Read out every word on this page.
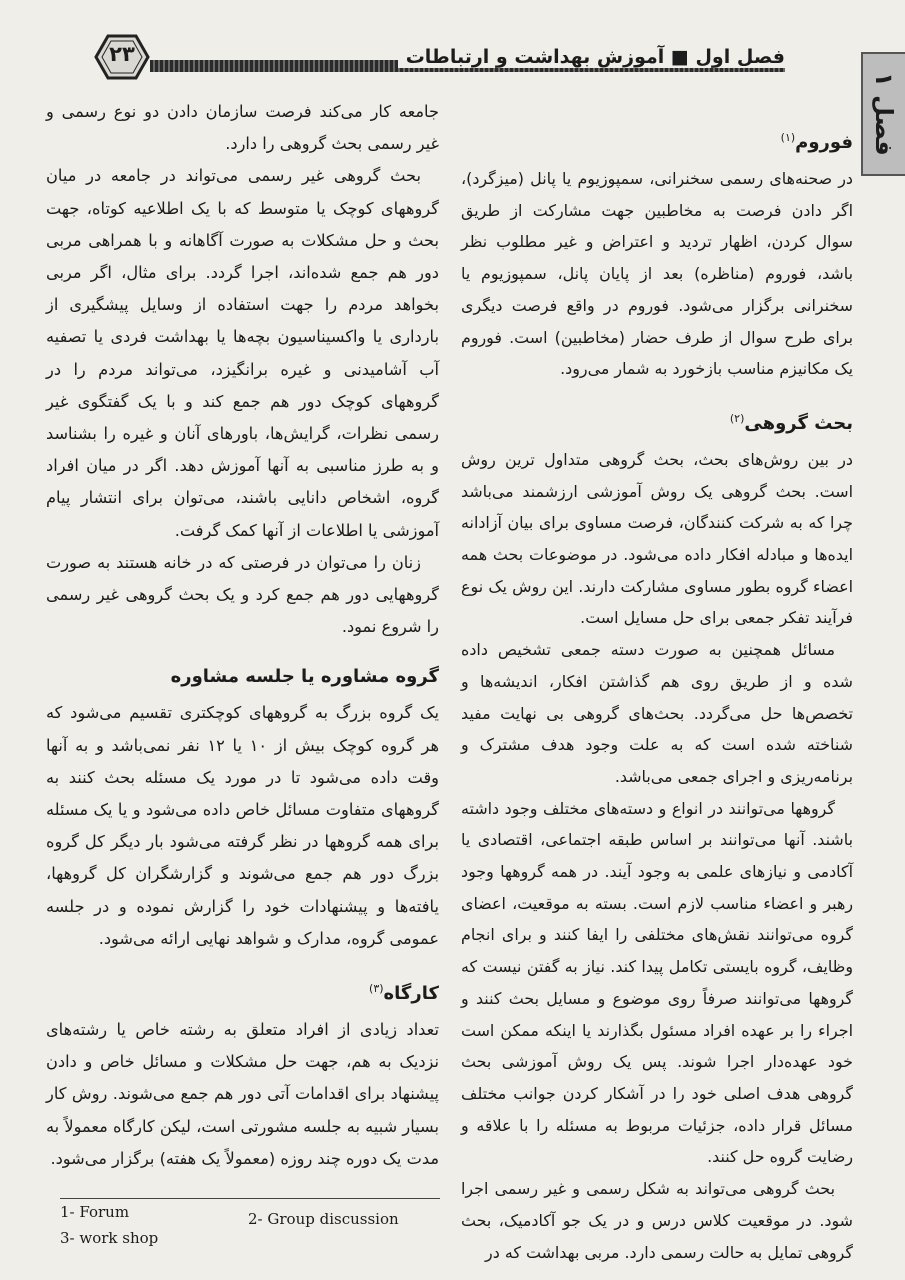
فصل اول ■ آموزش بهداشت و ارتباطات
۲۳
فصل ۱
فوروم$^{(۱)}$

در صحنه‌های رسمی سخنرانی، سمپوزیوم یا پانل (میزگرد)، اگر دادن فرصت به مخاطبین جهت مشارکت از طریق سوال کردن، اظهار تردید و اعتراض و غیر مطلوب نظر باشد، فوروم (مناظره) بعد از پایان پانل، سمپوزیوم یا سخنرانی برگزار می‌شود. فوروم در واقع فرصت دیگری برای طرح سوال از طرف حضار (مخاطبین) است. فوروم یک مکانیزم مناسب بازخورد به شمار می‌رود.

بحث گروهی$^{(۲)}$

در بین روش‌های بحث، بحث گروهی متداول ترین روش است. بحث گروهی یک روش آموزشی ارزشمند می‌باشد چرا که به شرکت کنندگان، فرصت مساوی برای بیان آزادانه ایده‌ها و مبادله افکار داده می‌شود. در موضوعات بحث همه اعضاء گروه بطور مساوی مشارکت دارند. این روش یک نوع فرآیند تفکر جمعی برای حل مسایل است.

مسائل همچنین به صورت دسته جمعی تشخیص داده شده و از طریق روی هم گذاشتن افکار، اندیشه‌ها و تخصص‌ها حل می‌گردد. بحث‌های گروهی بی نهایت مفید شناخته شده است که به علت وجود هدف مشترک و برنامه‌ریزی و اجرای جمعی می‌باشد.

گروهها می‌توانند در انواع و دسته‌های مختلف وجود داشته باشند. آنها می‌توانند بر اساس طبقه اجتماعی، اقتصادی یا آکادمی و نیازهای علمی به وجود آیند. در همه گروهها وجود رهبر و اعضاء مناسب لازم است. بسته به موقعیت، اعضای گروه می‌توانند نقش‌های مختلفی را ایفا کنند و برای انجام وظایف، گروه بایستی تکامل پیدا کند. نیاز به گفتن نیست که گروهها می‌توانند صرفاً روی موضوع و مسایل بحث کنند و اجراء را بر عهده افراد مسئول بگذارند یا اینکه ممکن است خود عهده‌دار اجرا شوند. پس یک روش آموزشی بحث گروهی هدف اصلی خود را در آشکار کردن جوانب مختلف مسائل قرار داده، جزئیات مربوط به مسئله را با علاقه و رضایت گروه حل کنند.

بحث گروهی می‌تواند به شکل رسمی و غیر رسمی اجرا شود. در موقعیت کلاس درس و در یک جو آکادمیک، بحث گروهی تمایل به حالت رسمی دارد. مربی بهداشت که در

جامعه کار می‌کند فرصت سازمان دادن دو نوع رسمی و غیر رسمی بحث گروهی را دارد.

بحث گروهی غیر رسمی می‌تواند در جامعه در میان گروههای کوچک یا متوسط که با یک اطلاعیه کوتاه، جهت بحث و حل مشکلات به صورت آگاهانه و با همراهی مربی دور هم جمع شده‌اند، اجرا گردد. برای مثال، اگر مربی بخواهد مردم را جهت استفاده از وسایل پیشگیری از بارداری یا واکسیناسیون بچه‌ها یا بهداشت فردی یا تصفیه آب آشامیدنی و غیره برانگیزد، می‌تواند مردم را در گروههای کوچک دور هم جمع کند و با یک گفتگوی غیر رسمی نظرات، گرایش‌ها، باورهای آنان و غیره را بشناسد و به طرز مناسبی به آنها آموزش دهد. اگر در میان افراد گروه، اشخاص دانایی باشند، می‌توان برای انتشار پیام آموزشی یا اطلاعات از آنها کمک گرفت.

زنان را می‌توان در فرصتی که در خانه هستند به صورت گروههایی دور هم جمع کرد و یک بحث گروهی غیر رسمی را شروع نمود.

گروه مشاوره یا جلسه مشاوره

یک گروه بزرگ به گروههای کوچکتری تقسیم می‌شود که هر گروه کوچک بیش از ۱۰ یا ۱۲ نفر نمی‌باشد و به آنها وقت داده می‌شود تا در مورد یک مسئله بحث کنند به گروههای متفاوت مسائل خاص داده می‌شود و یا یک مسئله برای همه گروهها در نظر گرفته می‌شود بار دیگر کل گروه بزرگ دور هم جمع می‌شوند و گزارشگران کل گروهها، یافته‌ها و پیشنهادات خود را گزارش نموده و در جلسه عمومی گروه، مدارک و شواهد نهایی ارائه می‌شود.

کارگاه$^{(۳)}$

تعداد زیادی از افراد متعلق به رشته خاص یا رشته‌های نزدیک به هم، جهت حل مشکلات و مسائل خاص و دادن پیشنهاد برای اقدامات آتی دور هم جمع می‌شوند. روش کار بسیار شبیه به جلسه مشورتی است، لیکن کارگاه معمولاً به مدت یک دوره چند روزه (معمولاً یک هفته) برگزار می‌شود.

1- Forum	2- Group discussion
3- work shop
